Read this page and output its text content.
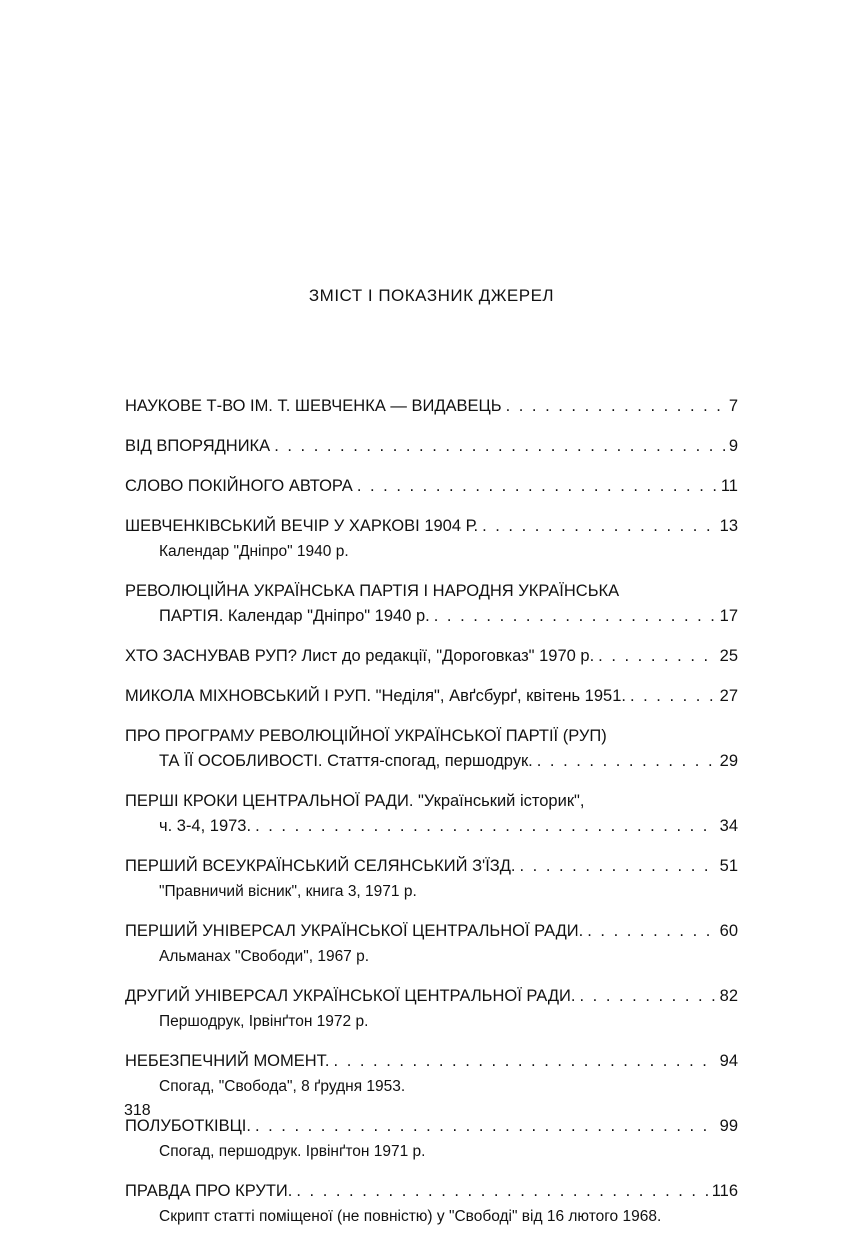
ЗМІСТ І ПОКАЗНИК ДЖЕРЕЛ
НАУКОВЕ Т-ВО ІМ. Т. ШЕВЧЕНКА — ВИДАВЕЦЬ . . .	7
ВІД ВПОРЯДНИКА . . .	9
СЛОВО ПОКІЙНОГО АВТОРА . . .	11
ШЕВЧЕНКІВСЬКИЙ ВЕЧІР У ХАРКОВІ 1904 Р. . . .	13
Календар "Дніпро" 1940 р.
РЕВОЛЮЦІЙНА УКРАЇНСЬКА ПАРТІЯ І НАРОДНЯ УКРАЇНСЬКА
ПАРТІЯ. Календар "Дніпро" 1940 р. . . .	17
ХТО ЗАСНУВАВ РУП? Лист до редакції, "Дороговказ" 1970 р. . . .	25
МИКОЛА МІХНОВСЬКИЙ І РУП. "Неділя", Авґсбурґ, квітень 1951. . . .	27
ПРО ПРОГРАМУ РЕВОЛЮЦІЙНОЇ УКРАЇНСЬКОЇ ПАРТІЇ (РУП)
ТА ЇЇ ОСОБЛИВОСТІ. Стаття-спогад, першодрук. . . .	29
ПЕРШІ КРОКИ ЦЕНТРАЛЬНОЇ РАДИ. "Український історик",
ч. 3-4, 1973. . . .	34
ПЕРШИЙ ВСЕУКРАЇНСЬКИЙ СЕЛЯНСЬКИЙ З'ЇЗД. . . .	51
"Правничий вісник", книга 3, 1971 р.
ПЕРШИЙ УНІВЕРСАЛ УКРАЇНСЬКОЇ ЦЕНТРАЛЬНОЇ РАДИ. . . .	60
Альманах "Свободи", 1967 р.
ДРУГИЙ УНІВЕРСАЛ УКРАЇНСЬКОЇ ЦЕНТРАЛЬНОЇ РАДИ. . . .	82
Першодрук, Ірвінґтон 1972 р.
НЕБЕЗПЕЧНИЙ МОМЕНТ. . . .	94
Спогад, "Свобода", 8 ґрудня 1953.
ПОЛУБОТКІВЦІ. . . .	99
Спогад, першодрук. Ірвінґтон 1971 р.
ПРАВДА ПРО КРУТИ. . . .	116
Скрипт статті поміщеної (не повністю) у "Свободі" від 16 лютого 1968.
318
